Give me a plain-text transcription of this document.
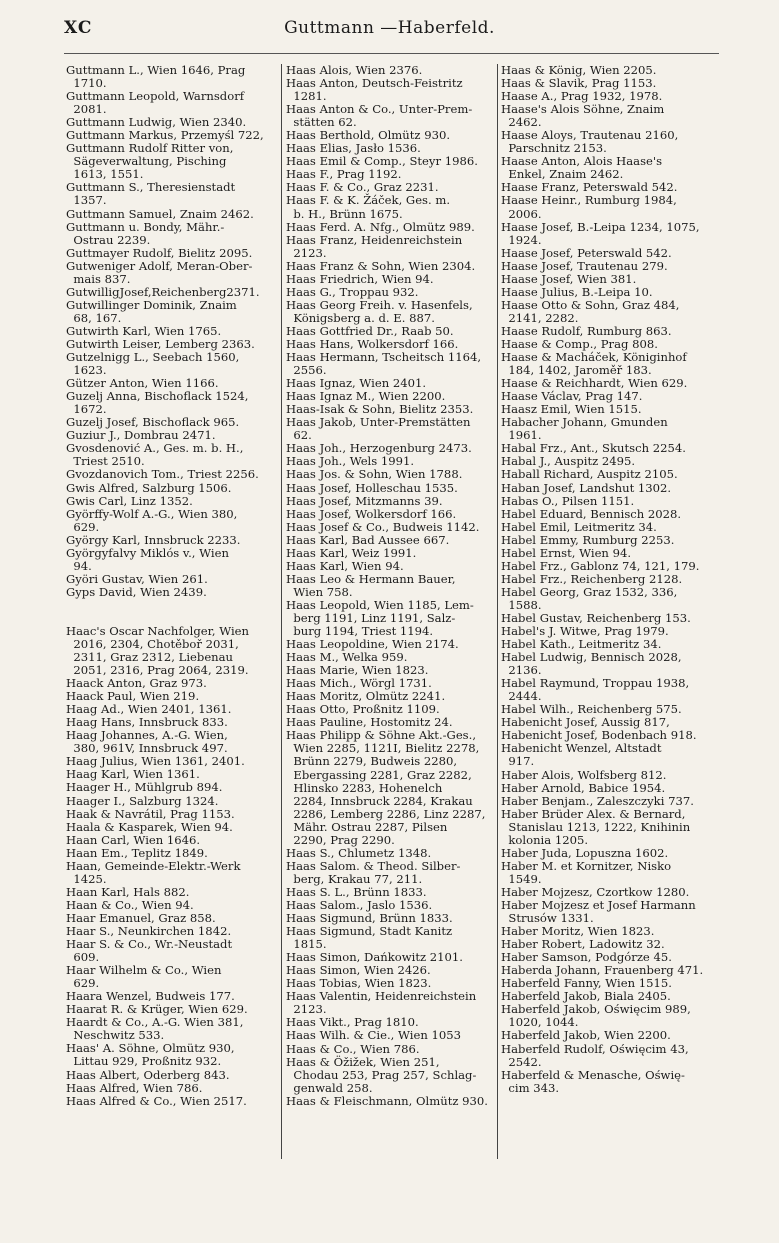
XC	Guttmann —Haberfeld.
Guttmann L., Wien 1646, Prag
1710.
Guttmann Leopold, Warnsdorf
2081.
Guttmann Ludwig, Wien 2340.
Guttmann Markus, Przemyśl 722,
Guttmann Rudolf Ritter von,
Sägeverwaltung, Pisching
1613, 1551.
Guttmann S., Theresienstadt
1357.
Guttmann Samuel, Znaim 2462.
Guttmann u. Bondy, Mähr.-
Ostrau 2239.
Guttmayer Rudolf, Bielitz 2095.
Gutweniger Adolf, Meran-Ober-
mais 837.
GutwilligJosef,Reichenberg2371.
Gutwillinger Dominik, Znaim
68, 167.
Gutwirth Karl, Wien 1765.
Gutwirth Leiser, Lemberg 2363.
Gutzelnigg L., Seebach 1560,
1623.
Gützer Anton, Wien 1166.
Guzelj Anna, Bischoflack 1524,
1672.
Guzelj Josef, Bischoflack 965.
Guziur J., Dombrau 2471.
Gvosdenović A., Ges. m. b. H.,
Triest 2510.
Gvozdanovich Tom., Triest 2256.
Gwis Alfred, Salzburg 1506.
Gwis Carl, Linz 1352.
Györffy-Wolf A.-G., Wien 380,
629.
György Karl, Innsbruck 2233.
Györgyfalvy Miklós v., Wien
94.
Györi Gustav, Wien 261.
Gyps David, Wien 2439.
Haac's Oscar Nachfolger, Wien
2016, 2304, Chotěboř 2031,
2311, Graz 2312, Liebenau
2051, 2316, Prag 2064, 2319.
Haack Anton, Graz 973.
Haack Paul, Wien 219.
Haag Ad., Wien 2401, 1361.
Haag Hans, Innsbruck 833.
Haag Johannes, A.-G. Wien,
380, 961V, Innsbruck 497.
Haag Julius, Wien 1361, 2401.
Haag Karl, Wien 1361.
Haager H., Mühlgrub 894.
Haager I., Salzburg 1324.
Haak & Navrátil, Prag 1153.
Haala & Kasparek, Wien 94.
Haan Carl, Wien 1646.
Haan Em., Teplitz 1849.
Haan, Gemeinde-Elektr.-Werk
1425.
Haan Karl, Hals 882.
Haan & Co., Wien 94.
Haar Emanuel, Graz 858.
Haar S., Neunkirchen 1842.
Haar S. & Co., Wr.-Neustadt
609.
Haar Wilhelm & Co., Wien
629.
Haara Wenzel, Budweis 177.
Haarat R. & Krüger, Wien 629.
Haardt & Co., A.-G. Wien 381,
Neschwitz 533.
Haas' A. Söhne, Olmütz 930,
Littau 929, Proßnitz 932.
Haas Albert, Oderberg 843.
Haas Alfred, Wien 786.
Haas Alfred & Co., Wien 2517.
Haas Alois, Wien 2376.
Haas Anton, Deutsch-Feistritz
1281.
Haas Anton & Co., Unter-Prem-
stätten 62.
Haas Berthold, Olmütz 930.
Haas Elias, Jasło 1536.
Haas Emil & Comp., Steyr 1986.
Haas F., Prag 1192.
Haas F. & Co., Graz 2231.
Haas F. & K. Žáček, Ges. m.
b. H., Brünn 1675.
Haas Ferd. A. Nfg., Olmütz 989.
Haas Franz, Heidenreichstein
2123.
Haas Franz & Sohn, Wien 2304.
Haas Friedrich, Wien 94.
Haas G., Troppau 932.
Haas Georg Freih. v. Hasenfels,
Königsberg a. d. E. 887.
Haas Gottfried Dr., Raab 50.
Haas Hans, Wolkersdorf 166.
Haas Hermann, Tscheitsch 1164,
2556.
Haas Ignaz, Wien 2401.
Haas Ignaz M., Wien 2200.
Haas-Isak & Sohn, Bielitz 2353.
Haas Jakob, Unter-Premstätten
62.
Haas Joh., Herzogenburg 2473.
Haas Joh., Wels 1991.
Haas Jos. & Sohn, Wien 1788.
Haas Josef, Holleschau 1535.
Haas Josef, Mitzmanns 39.
Haas Josef, Wolkersdorf 166.
Haas Josef & Co., Budweis 1142.
Haas Karl, Bad Aussee 667.
Haas Karl, Weiz 1991.
Haas Karl, Wien 94.
Haas Leo & Hermann Bauer,
Wien 758.
Haas Leopold, Wien 1185, Lem-
berg 1191, Linz 1191, Salz-
burg 1194, Triest 1194.
Haas Leopoldine, Wien 2174.
Haas M., Welka 959.
Haas Marie, Wien 1823.
Haas Mich., Wörgl 1731.
Haas Moritz, Olmütz 2241.
Haas Otto, Proßnitz 1109.
Haas Pauline, Hostomitz 24.
Haas Philipp & Söhne Akt.-Ges.,
Wien 2285, 1121I, Bielitz 2278,
Brünn 2279, Budweis 2280,
Ebergassing 2281, Graz 2282,
Hlinsko 2283, Hohenelch
2284, Innsbruck 2284, Krakau
2286, Lemberg 2286, Linz 2287,
Mähr. Ostrau 2287, Pilsen
2290, Prag 2290.
Haas S., Chlumetz 1348.
Haas Salom. & Theod. Silber-
berg, Krakau 77, 211.
Haas S. L., Brünn 1833.
Haas Salom., Jaslo 1536.
Haas Sigmund, Brünn 1833.
Haas Sigmund, Stadt Kanitz
1815.
Haas Simon, Dańkowitz 2101.
Haas Simon, Wien 2426.
Haas Tobias, Wien 1823.
Haas Valentin, Heidenreichstein
2123.
Haas Vikt., Prag 1810.
Haas Wilh. & Cie., Wien 1053
Haas & Co., Wien 786.
Haas & Öžižek, Wien 251,
Chodau 253, Prag 257, Schlag-
genwald 258.
Haas & Fleischmann, Olmütz 930.
Haas & König, Wien 2205.
Haas & Slavik, Prag 1153.
Haase A., Prag 1932, 1978.
Haase's Alois Söhne, Znaim
2462.
Haase Aloys, Trautenau 2160,
Parschnitz 2153.
Haase Anton, Alois Haase's
Enkel, Znaim 2462.
Haase Franz, Peterswald 542.
Haase Heinr., Rumburg 1984,
2006.
Haase Josef, B.-Leipa 1234, 1075,
1924.
Haase Josef, Peterswald 542.
Haase Josef, Trautenau 279.
Haase Josef, Wien 381.
Haase Julius, B.-Leipa 10.
Haase Otto & Sohn, Graz 484,
2141, 2282.
Haase Rudolf, Rumburg 863.
Haase & Comp., Prag 808.
Haase & Macháček, Königinhof
184, 1402, Jaroměř 183.
Haase & Reichhardt, Wien 629.
Haase Václav, Prag 147.
Haasz Emil, Wien 1515.
Habacher Johann, Gmunden
1961.
Habal Frz., Ant., Skutsch 2254.
Habal J., Auspitz 2495.
Haball Richard, Auspitz 2105.
Haban Josef, Landshut 1302.
Habas O., Pilsen 1151.
Habel Eduard, Bennisch 2028.
Habel Emil, Leitmeritz 34.
Habel Emmy, Rumburg 2253.
Habel Ernst, Wien 94.
Habel Frz., Gablonz 74, 121, 179.
Habel Frz., Reichenberg 2128.
Habel Georg, Graz 1532, 336,
1588.
Habel Gustav, Reichenberg 153.
Habel's J. Witwe, Prag 1979.
Habel Kath., Leitmeritz 34.
Habel Ludwig, Bennisch 2028,
2136.
Habel Raymund, Troppau 1938,
2444.
Habel Wilh., Reichenberg 575.
Habenicht Josef, Aussig 817,
Habenicht Josef, Bodenbach 918.
Habenicht Wenzel, Altstadt
917.
Haber Alois, Wolfsberg 812.
Haber Arnold, Babice 1954.
Haber Benjam., Zaleszczyki 737.
Haber Brüder Alex. & Bernard,
Stanislau 1213, 1222, Knihinin
kolonia 1205.
Haber Juda, Lopuszna 1602.
Haber M. et Kornitzer, Nisko
1549.
Haber Mojzesz, Czortkow 1280.
Haber Mojzesz et Josef Harmann
Strusów 1331.
Haber Moritz, Wien 1823.
Haber Robert, Ladowitz 32.
Haber Samson, Podgórze 45.
Haberda Johann, Frauenberg 471.
Haberfeld Fanny, Wien 1515.
Haberfeld Jakob, Biala 2405.
Haberfeld Jakob, Oświęcim 989,
1020, 1044.
Haberfeld Jakob, Wien 2200.
Haberfeld Rudolf, Oświęcim 43,
2542.
Haberfeld & Menasche, Oświę-
cim 343.
